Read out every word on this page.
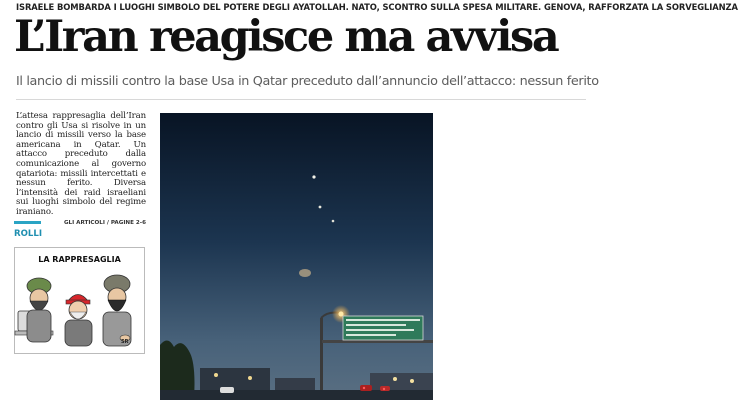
ISRAELE BOMBARDA I LUOGHI SIMBOLO DEL POTERE DEGLI AYATOLLAH. NATO, SCONTRO SULLA SPESA MILITARE. GENOVA, RAFFORZATA LA SORVEGLIANZA
L’Iran reagisce ma avvisa
Il lancio di missili contro la base Usa in Qatar preceduto dall’annuncio dell’attacco: nessun ferito
L’attesa rappresaglia dell’Iran contro gli Usa si risolve in un lancio di missili verso la base americana in Qatar. Un attacco preceduto dalla comunicazione al governo qatariota: missili intercettati e nessun ferito. Diversa l’intensità dei raid israeliani sui luoghi simbolo del regime iraniano.
GLI ARTICOLI / PAGINE 2-6
ROLLI
LA RAPPRESAGLIA
SR
